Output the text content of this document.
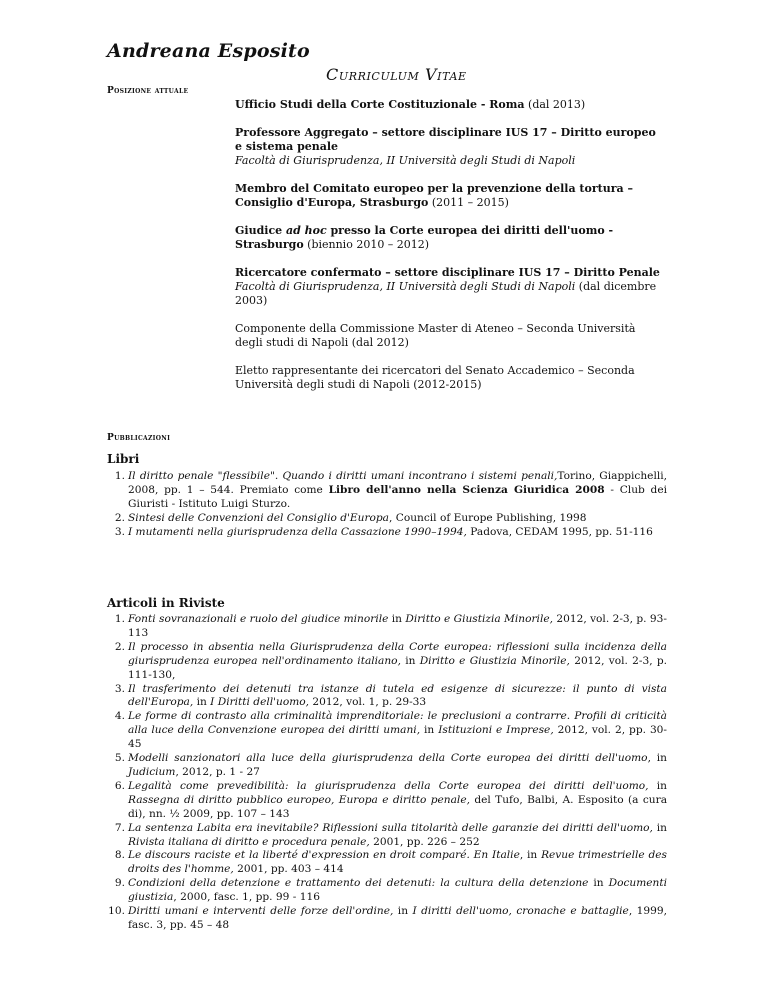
Andreana Esposito
Curriculum Vitae
Posizione attuale
Ufficio Studi della Corte Costituzionale - Roma (dal 2013)
Professore Aggregato – settore disciplinare IUS 17 – Diritto europeo e sistema penale
Facoltà di Giurisprudenza, II Università degli Studi di Napoli
Membro del Comitato europeo per la prevenzione della tortura – Consiglio d'Europa, Strasburgo (2011 – 2015)
Giudice ad hoc presso la Corte europea dei diritti dell'uomo - Strasburgo (biennio 2010 – 2012)
Ricercatore confermato – settore disciplinare IUS 17 – Diritto Penale
Facoltà di Giurisprudenza, II Università degli Studi di Napoli (dal dicembre 2003)
Componente della Commissione Master di Ateneo – Seconda Università degli studi di Napoli (dal 2012)
Eletto rappresentante dei ricercatori del Senato Accademico – Seconda Università degli studi di Napoli (2012-2015)
Pubblicazioni
Libri
1. Il diritto penale "flessibile". Quando i diritti umani incontrano i sistemi penali,Torino, Giappichelli, 2008, pp. 1 – 544. Premiato come Libro dell'anno nella Scienza Giuridica 2008 - Club dei Giuristi - Istituto Luigi Sturzo.
2. Sintesi delle Convenzioni del Consiglio d'Europa, Council of Europe Publishing, 1998
3. I mutamenti nella giurisprudenza della Cassazione 1990–1994, Padova, CEDAM 1995, pp. 51-116
Articoli in Riviste
1. Fonti sovranazionali e ruolo del giudice minorile in Diritto e Giustizia Minorile, 2012, vol. 2-3, p. 93-113
2. Il processo in absentia nella Giurisprudenza della Corte europea: riflessioni sulla incidenza della giurisprudenza europea nell'ordinamento italiano, in Diritto e Giustizia Minorile, 2012, vol. 2-3, p. 111-130,
3. Il trasferimento dei detenuti tra istanze di tutela ed esigenze di sicurezze: il punto di vista dell'Europa, in I Diritti dell'uomo, 2012, vol. 1, p. 29-33
4. Le forme di contrasto alla criminalità imprenditoriale: le preclusioni a contrarre. Profili di criticità alla luce della Convenzione europea dei diritti umani, in Istituzioni e Imprese, 2012, vol. 2, pp. 30-45
5. Modelli sanzionatori alla luce della giurisprudenza della Corte europea dei diritti dell'uomo, in Judicium, 2012, p. 1 - 27
6. Legalità come prevedibilità: la giurisprudenza della Corte europea dei diritti dell'uomo, in Rassegna di diritto pubblico europeo, Europa e diritto penale, del Tufo, Balbi, A. Esposito (a cura di), nn. ½ 2009, pp. 107 – 143
7. La sentenza Labita era inevitabile? Riflessioni sulla titolarità delle garanzie dei diritti dell'uomo, in Rivista italiana di diritto e procedura penale, 2001, pp. 226 – 252
8. Le discours raciste et la liberté d'expression en droit comparé. En Italie, in Revue trimestrielle des droits des l'homme, 2001, pp. 403 – 414
9. Condizioni della detenzione e trattamento dei detenuti: la cultura della detenzione in Documenti giustizia, 2000, fasc. 1, pp. 99 - 116
10. Diritti umani e interventi delle forze dell'ordine, in I diritti dell'uomo, cronache e battaglie, 1999, fasc. 3, pp. 45 – 48
